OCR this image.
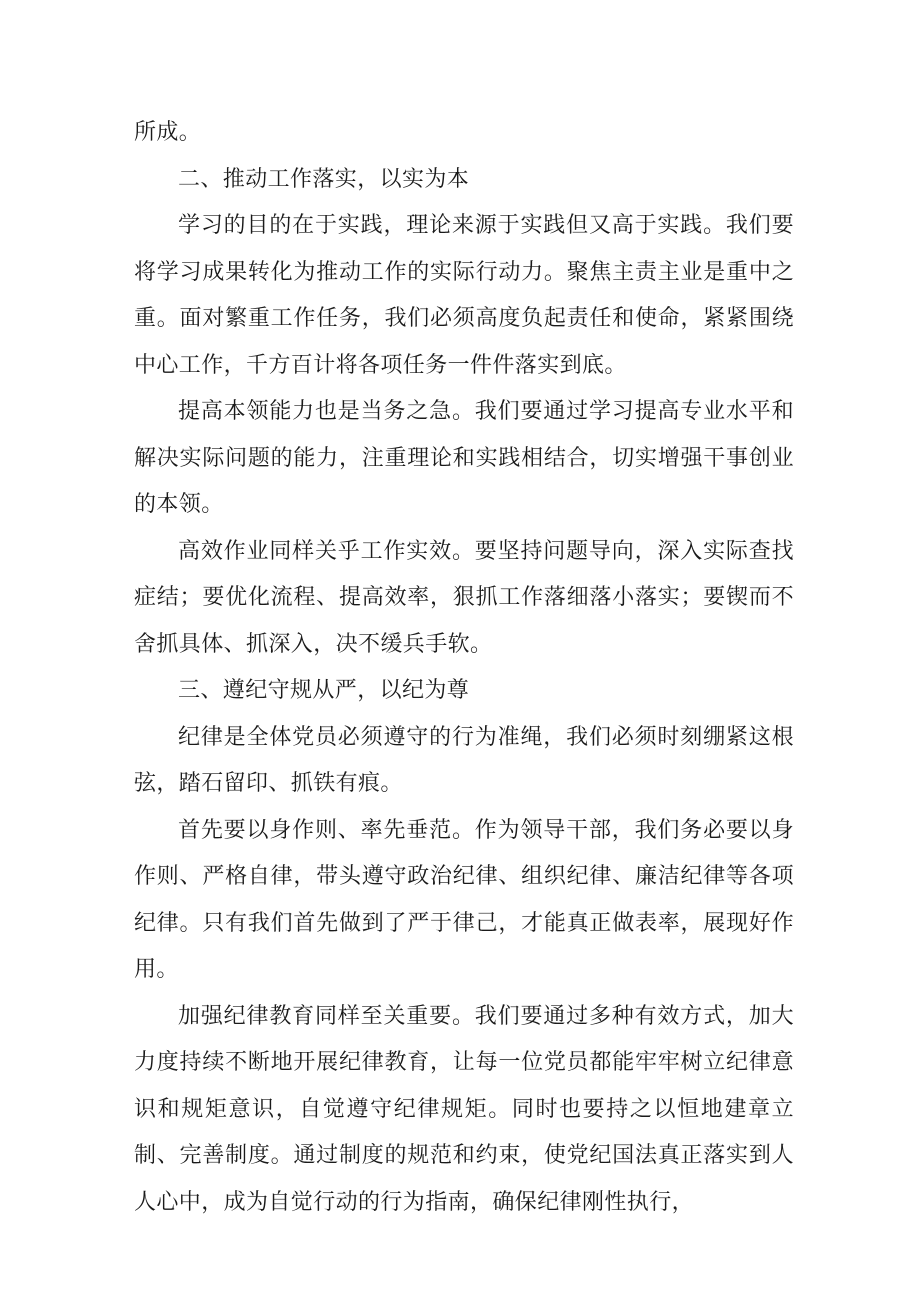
所成。

二、推动工作落实，以实为本

学习的目的在于实践，理论来源于实践但又高于实践。我们要将学习成果转化为推动工作的实际行动力。聚焦主责主业是重中之重。面对繁重工作任务，我们必须高度负起责任和使命，紧紧围绕中心工作，千方百计将各项任务一件件落实到底。

提高本领能力也是当务之急。我们要通过学习提高专业水平和解决实际问题的能力，注重理论和实践相结合，切实增强干事创业的本领。

高效作业同样关乎工作实效。要坚持问题导向，深入实际查找症结；要优化流程、提高效率，狠抓工作落细落小落实；要锲而不舍抓具体、抓深入，决不缓兵手软。

三、遵纪守规从严，以纪为尊

纪律是全体党员必须遵守的行为准绳，我们必须时刻绷紧这根弦，踏石留印、抓铁有痕。

首先要以身作则、率先垂范。作为领导干部，我们务必要以身作则、严格自律，带头遵守政治纪律、组织纪律、廉洁纪律等各项纪律。只有我们首先做到了严于律己，才能真正做表率，展现好作用。

加强纪律教育同样至关重要。我们要通过多种有效方式，加大力度持续不断地开展纪律教育，让每一位党员都能牢牢树立纪律意识和规矩意识，自觉遵守纪律规矩。同时也要持之以恒地建章立制、完善制度。通过制度的规范和约束，使党纪国法真正落实到人人心中，成为自觉行动的行为指南，确保纪律刚性执行，
